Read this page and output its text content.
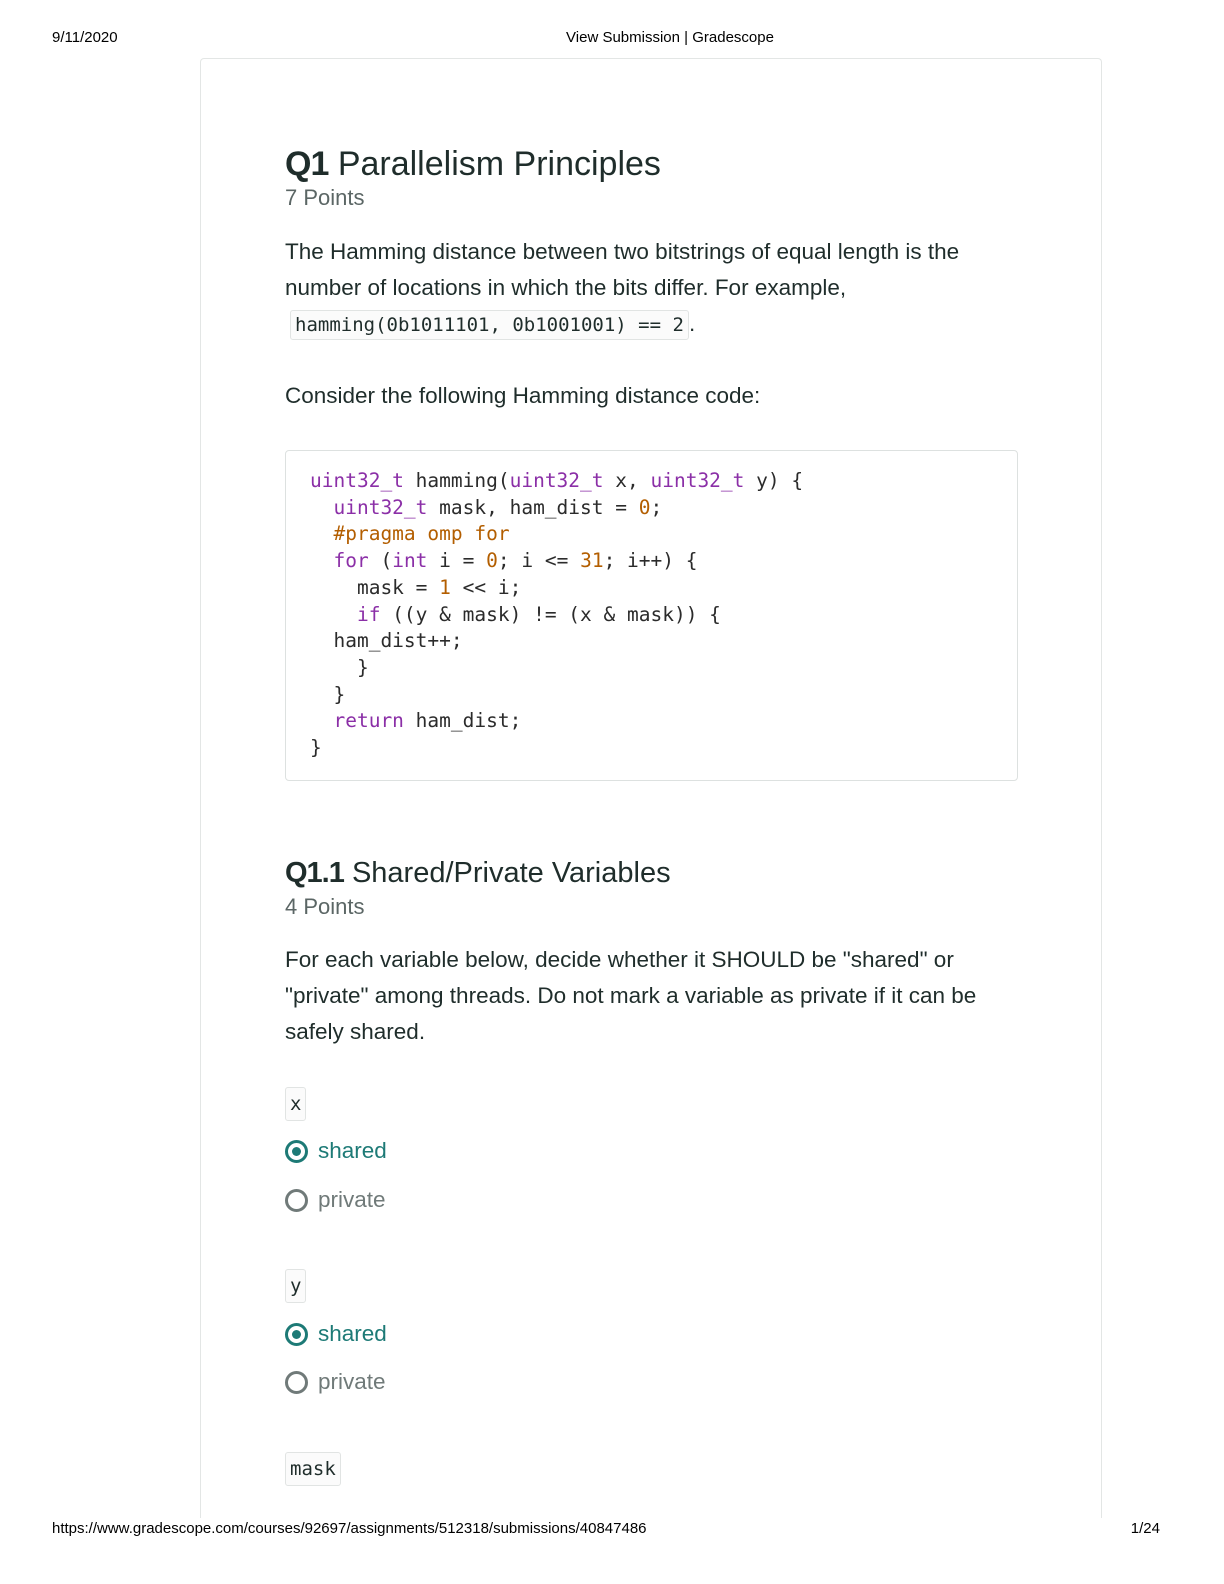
9/11/2020	View Submission | Gradescope
Q1 Parallelism Principles
7 Points
The Hamming distance between two bitstrings of equal length is the number of locations in which the bits differ. For example,
hamming(0b1011101, 0b1001001) == 2 .
Consider the following Hamming distance code:
uint32_t hamming(uint32_t x, uint32_t y) {
uint32_t mask, ham_dist = 0;
#pragma omp for
for (int i = 0; i <= 31; i++) {
mask = 1 << i;
if ((y & mask) != (x & mask)) {
ham_dist++;
}
}
return ham_dist;
}
Q1.1 Shared/Private Variables
4 Points
For each variable below, decide whether it SHOULD be "shared" or "private" among threads. Do not mark a variable as private if it can be safely shared.
x
shared
private
y
shared
private
mask
https://www.gradescope.com/courses/92697/assignments/512318/submissions/40847486	1/24
